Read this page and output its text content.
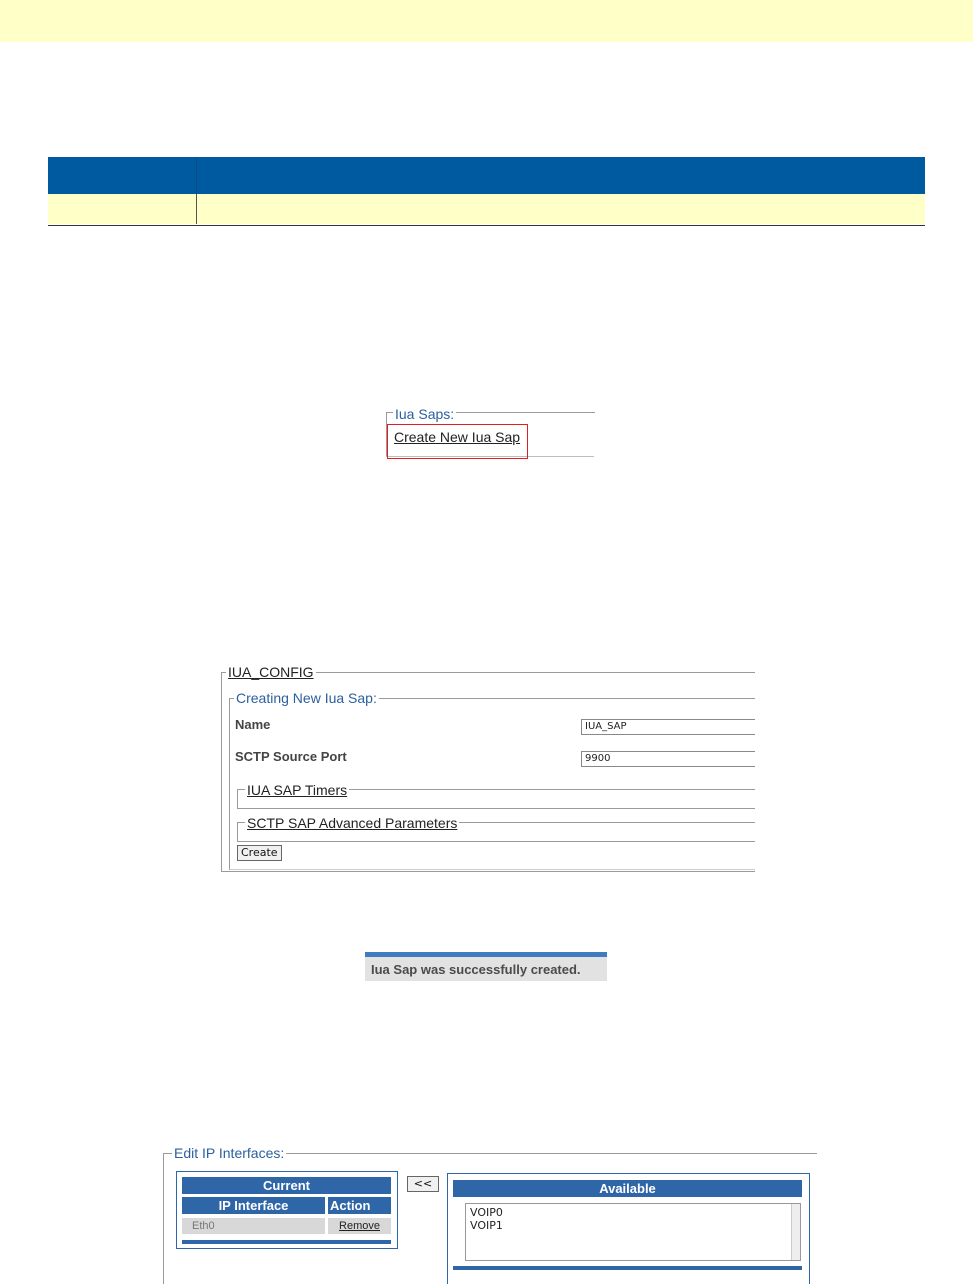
Iua Saps:
Create New Iua Sap
IUA_CONFIG
Creating New Iua Sap:
Name	IUA_SAP
SCTP Source Port	9900
IUA SAP Timers
SCTP SAP Advanced Parameters
Create
Iua Sap was successfully created.
Edit IP Interfaces:
Current
IP Interface	Action
Eth0	Remove
<<	Available
VOIP0
VOIP1
